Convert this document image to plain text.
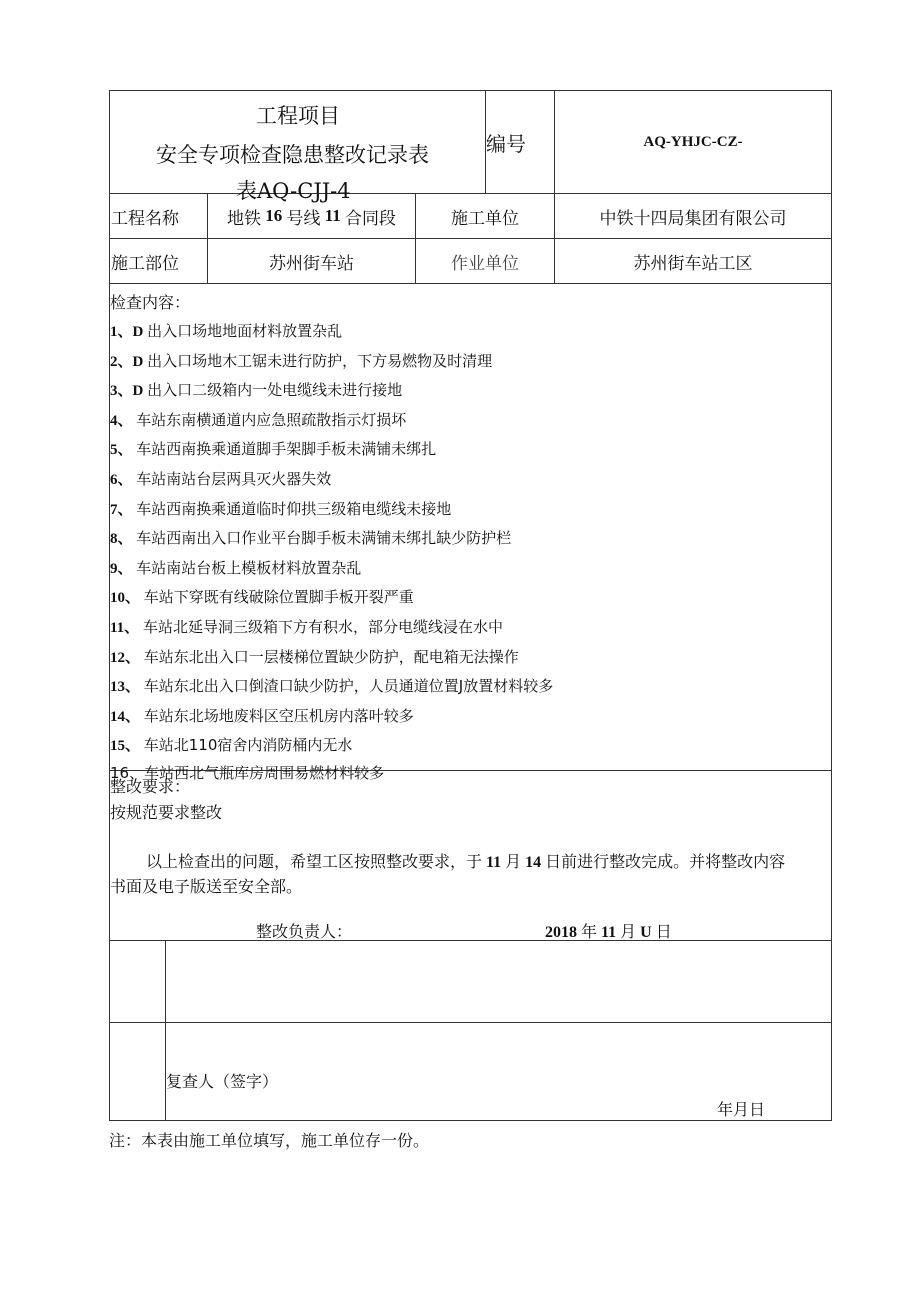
工程项目
安全专项检查隐患整改记录表
表AQ-CJJ-4
编号	AQ-YHJC-CZ-
工程名称	地铁 16 号线 11 合同段	施工单位	中铁十四局集团有限公司
施工部位	苏州街车站	作业单位	苏州街车站工区
检查内容：
1、D 出入口场地地面材料放置杂乱
2、D 出入口场地木工锯未进行防护，下方易燃物及时清理
3、D 出入口二级箱内一处电缆线未进行接地
4、 车站东南横通道内应急照疏散指示灯损坏
5、 车站西南换乘通道脚手架脚手板未满铺未绑扎
6、 车站南站台层两具灭火器失效
7、 车站西南换乘通道临时仰拱三级箱电缆线未接地
8、 车站西南出入口作业平台脚手板未满铺未绑扎缺少防护栏
9、 车站南站台板上模板材料放置杂乱
10、 车站下穿既有线破除位置脚手板开裂严重
11、 车站北延导洞三级箱下方有积水，部分电缆线浸在水中
12、 车站东北出入口一层楼梯位置缺少防护，配电箱无法操作
13、 车站东北出入口倒渣口缺少防护，人员通道位置J放置材料较多
14、 车站东北场地废料区空压机房内落叶较多
15、 车站北110宿舍内消防桶内无水
16、车站西北气瓶库房周围易燃材料较多
整改要求：
按规范要求整改
以上检查出的问题，希望工区按照整改要求，于 11 月 14 日前进行整改完成。并将整改内容
书面及电子版送至安全部。
整改负责人：	2018 年 11 月 U 日
复查人（签字）
年月日
注：本表由施工单位填写，施工单位存一份。
